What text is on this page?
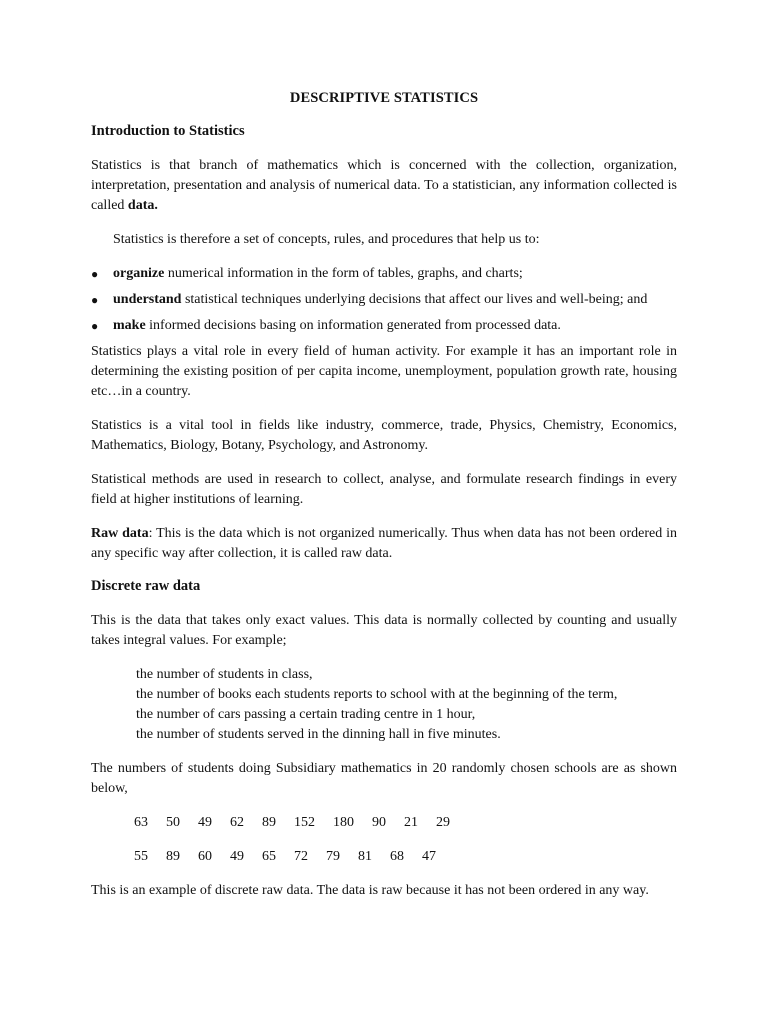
DESCRIPTIVE STATISTICS
Introduction to Statistics

Statistics is that branch of mathematics which is concerned with the collection, organization, interpretation, presentation and analysis of numerical data. To a statistician, any information collected is called data.

Statistics is therefore a set of concepts, rules, and procedures that help us to:

● organize numerical information in the form of tables, graphs, and charts;
● understand statistical techniques underlying decisions that affect our lives and well-being; and
● make informed decisions basing on information generated from processed data.

Statistics plays a vital role in every field of human activity. For example it has an important role in determining the existing position of per capita income, unemployment, population growth rate, housing etc…in a country.

Statistics is a vital tool in fields like industry, commerce, trade, Physics, Chemistry, Economics, Mathematics, Biology, Botany, Psychology, and Astronomy.

Statistical methods are used in research to collect, analyse, and formulate research findings in every field at higher institutions of learning.

Raw data: This is the data which is not organized numerically. Thus when data has not been ordered in any specific way after collection, it is called raw data.

Discrete raw data

This is the data that takes only exact values. This data is normally collected by counting and usually takes integral values. For example;

the number of students in class,
the number of books each students reports to school with at the beginning of the term,
the number of cars passing a certain trading centre in 1 hour,
the number of students served in the dinning hall in five minutes.

The numbers of students doing Subsidiary mathematics in 20 randomly chosen schools are as shown below,

63 50 49 62 89 152 180 90 21 29
55 89 60 49 65 72 79 81 68 47

This is an example of discrete raw data. The data is raw because it has not been ordered in any way.
